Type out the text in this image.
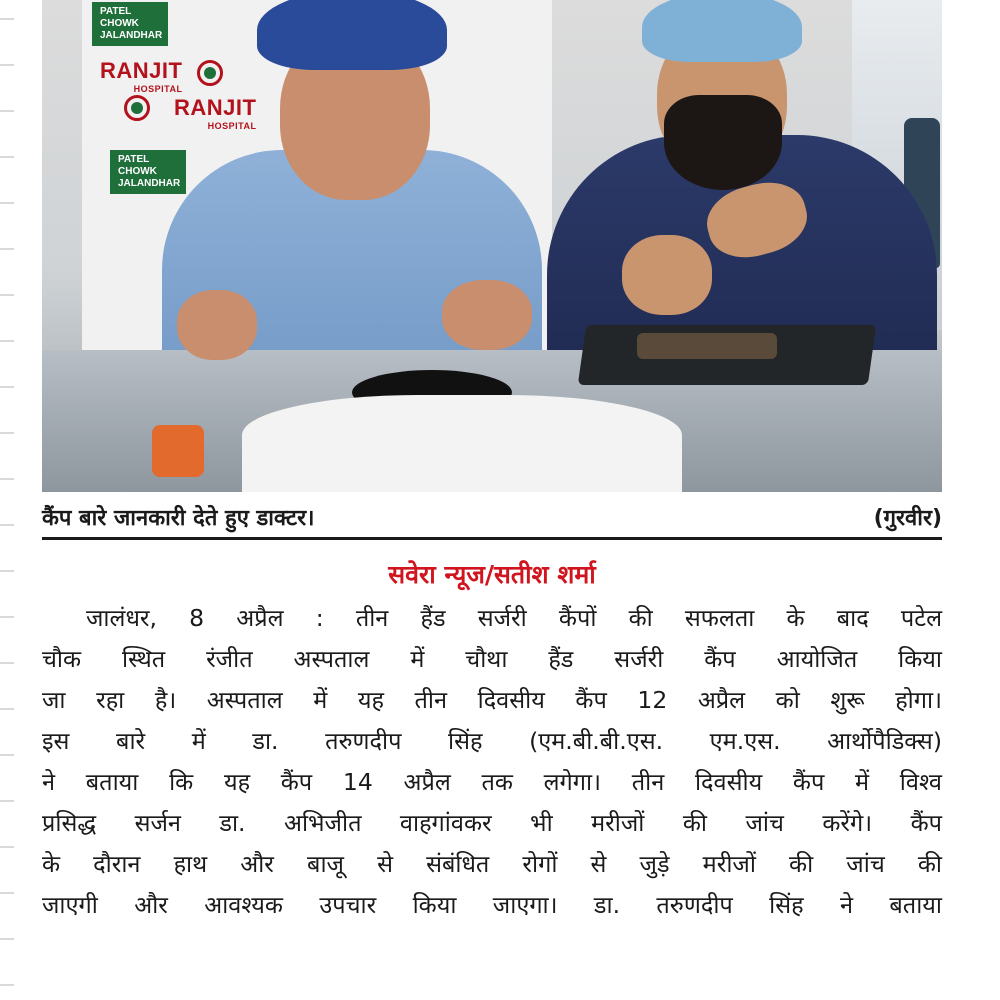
RANJIT
HOSPITAL
RANJIT
HOSPITAL
PATEL CHOWK JALANDHAR
PATEL CHOWK JALANDHAR
कैंप बारे जानकारी देते हुए डाक्टर।	(गुरवीर)
सवेरा न्यूज/सतीश शर्मा
जालंधर, 8 अप्रैल : तीन हैंड सर्जरी कैंपों की सफलता के बाद पटेल
चौक स्थित रंजीत अस्पताल में चौथा हैंड सर्जरी कैंप आयोजित किया
जा रहा है। अस्पताल में यह तीन दिवसीय कैंप 12 अप्रैल को शुरू होगा।
इस बारे में डा. तरुणदीप सिंह (एम.बी.बी.एस. एम.एस. आर्थोपैडिक्स)
ने बताया कि यह कैंप 14 अप्रैल तक लगेगा। तीन दिवसीय कैंप में विश्व
प्रसिद्ध सर्जन डा. अभिजीत वाहगांवकर भी मरीजों की जांच करेंगे। कैंप
के दौरान हाथ और बाजू से संबंधित रोगों से जुड़े मरीजों की जांच की
जाएगी और आवश्यक उपचार किया जाएगा। डा. तरुणदीप सिंह ने बताया
